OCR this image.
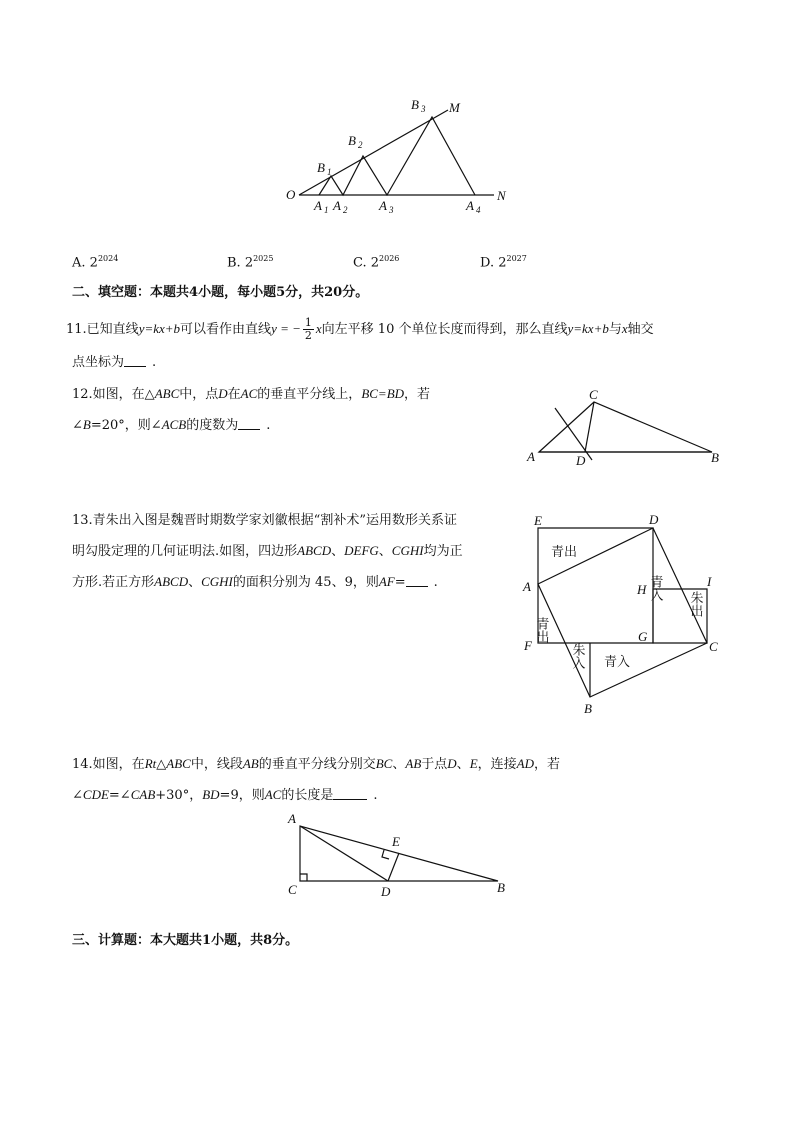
O
M
N
B 1
B 2
B 3
A 1 A 2 A 3	A 4
A. $2^{2024}$	B. $2^{2025}$	C. $2^{2026}$	D. $2^{2027}$
二、填空题：本题共4小题，每小题5分，共20分。
11.已知直线y=kx+b可以看作由直线y = − $\frac{1}{2}$ x向左平移 10 个单位长度而得到，那么直线y=kx+b与x轴交
点坐标为 .
12.如图，在△ABC中，点D在AC的垂直平分线上，BC=BD，若
∠B=20°，则∠ACB的度数为 .
A	B
C
D
13.青朱出入图是魏晋时期数学家刘徽根据“割补术”运用数形关系证
明勾股定理的几何证明法.如图，四边形ABCD、DEFG、CGHI均为正
方形.若正方形ABCD、CGHI的面积分别为 45、9，则AF= .
E	D
A
F
H
G
I
C
B
青出
青入
青入
青出
朱出
朱入
14.如图，在Rt△ABC中，线段AB的垂直平分线分别交BC、AB于点D、E，连接AD，若
∠CDE=∠CAB+30°，BD=9，则AC的长度是	.
A
C	D
E
B
三、计算题：本大题共1小题，共8分。
